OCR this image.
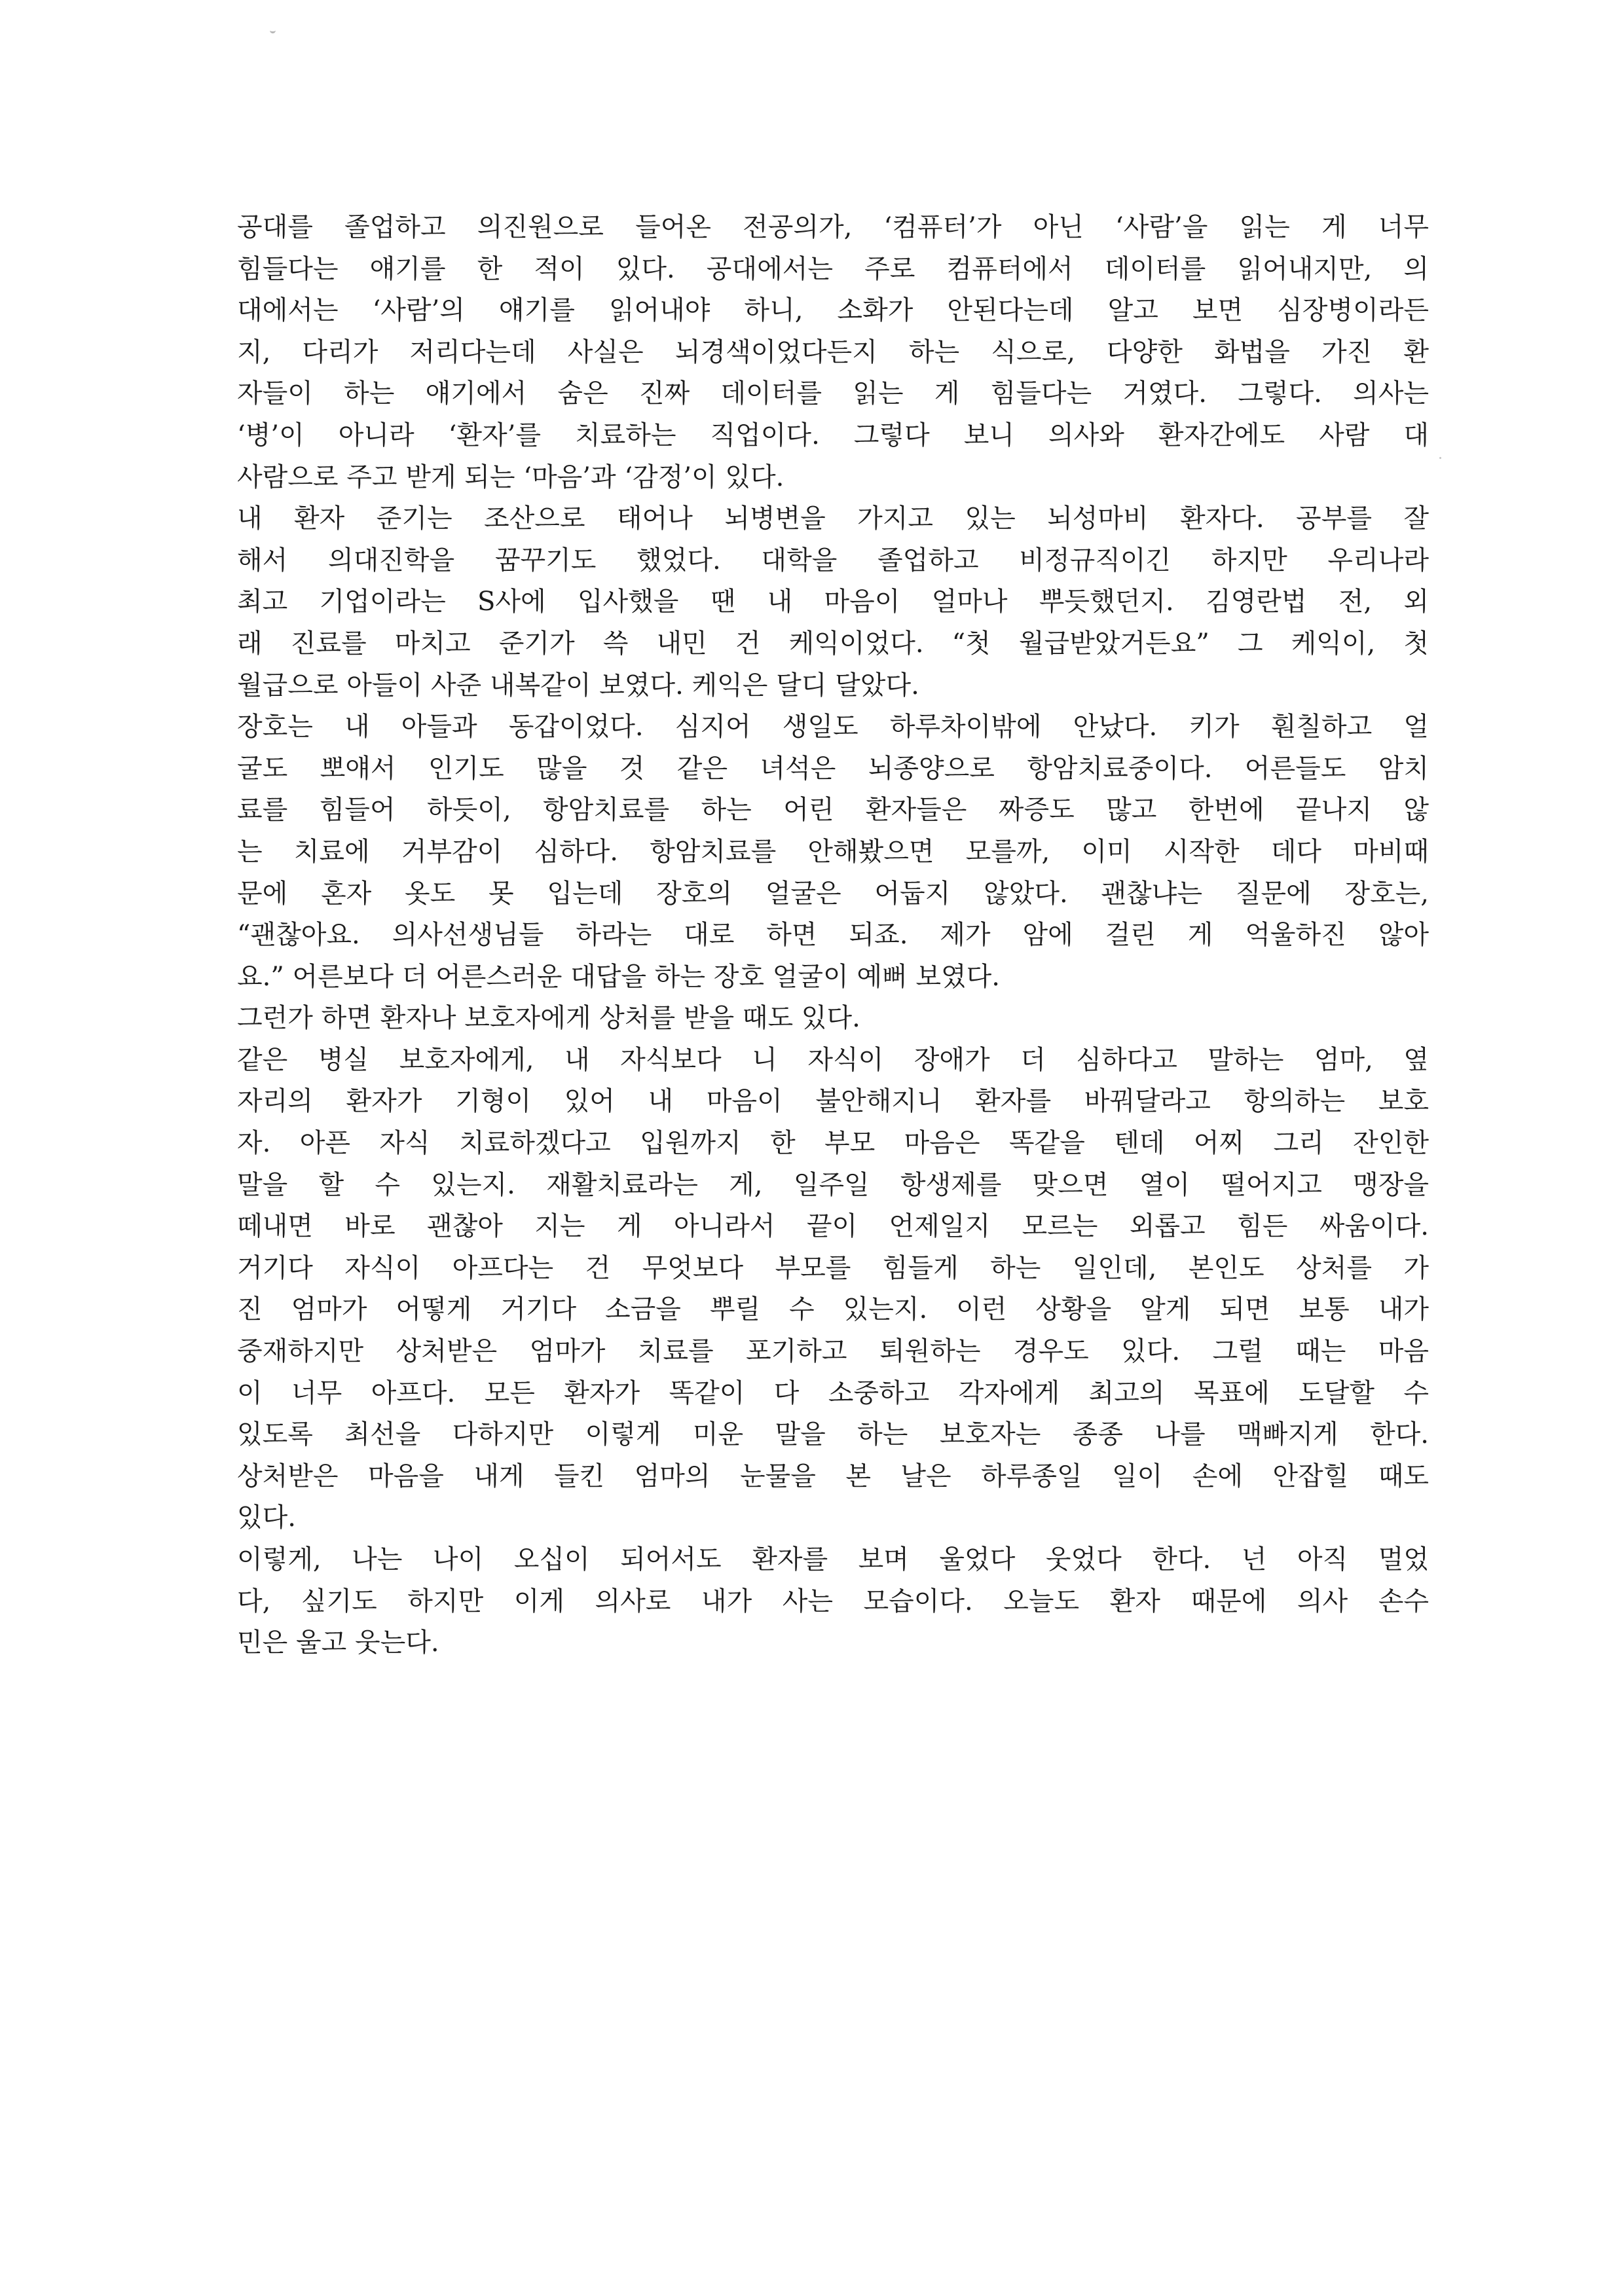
공대를 졸업하고 의진원으로 들어온 전공의가, ‘컴퓨터’가 아닌 ‘사람’을 읽는 게 너무
힘들다는 얘기를 한 적이 있다. 공대에서는 주로 컴퓨터에서 데이터를 읽어내지만, 의
대에서는 ‘사람’의 얘기를 읽어내야 하니, 소화가 안된다는데 알고 보면 심장병이라든
지, 다리가 저리다는데 사실은 뇌경색이었다든지 하는 식으로, 다양한 화법을 가진 환
자들이 하는 얘기에서 숨은 진짜 데이터를 읽는 게 힘들다는 거였다. 그렇다. 의사는
‘병’이 아니라 ‘환자’를 치료하는 직업이다. 그렇다 보니 의사와 환자간에도 사람 대
사람으로 주고 받게 되는 ‘마음’과 ‘감정’이 있다.
내 환자 준기는 조산으로 태어나 뇌병변을 가지고 있는 뇌성마비 환자다. 공부를 잘
해서 의대진학을 꿈꾸기도 했었다. 대학을 졸업하고 비정규직이긴 하지만 우리나라
최고 기업이라는 S사에 입사했을 땐 내 마음이 얼마나 뿌듯했던지. 김영란법 전, 외
래 진료를 마치고 준기가 쓱 내민 건 케익이었다. “첫 월급받았거든요” 그 케익이, 첫
월급으로 아들이 사준 내복같이 보였다. 케익은 달디 달았다.
장호는 내 아들과 동갑이었다. 심지어 생일도 하루차이밖에 안났다. 키가 훤칠하고 얼
굴도 뽀얘서 인기도 많을 것 같은 녀석은 뇌종양으로 항암치료중이다. 어른들도 암치
료를 힘들어 하듯이, 항암치료를 하는 어린 환자들은 짜증도 많고 한번에 끝나지 않
는 치료에 거부감이 심하다. 항암치료를 안해봤으면 모를까, 이미 시작한 데다 마비때
문에 혼자 옷도 못 입는데 장호의 얼굴은 어둡지 않았다. 괜찮냐는 질문에 장호는,
“괜찮아요. 의사선생님들 하라는 대로 하면 되죠. 제가 암에 걸린 게 억울하진 않아
요.” 어른보다 더 어른스러운 대답을 하는 장호 얼굴이 예뻐 보였다.
그런가 하면 환자나 보호자에게 상처를 받을 때도 있다.
같은 병실 보호자에게, 내 자식보다 니 자식이 장애가 더 심하다고 말하는 엄마, 옆
자리의 환자가 기형이 있어 내 마음이 불안해지니 환자를 바꿔달라고 항의하는 보호
자. 아픈 자식 치료하겠다고 입원까지 한 부모 마음은 똑같을 텐데 어찌 그리 잔인한
말을 할 수 있는지. 재활치료라는 게, 일주일 항생제를 맞으면 열이 떨어지고 맹장을
떼내면 바로 괜찮아 지는 게 아니라서 끝이 언제일지 모르는 외롭고 힘든 싸움이다.
거기다 자식이 아프다는 건 무엇보다 부모를 힘들게 하는 일인데, 본인도 상처를 가
진 엄마가 어떻게 거기다 소금을 뿌릴 수 있는지. 이런 상황을 알게 되면 보통 내가
중재하지만 상처받은 엄마가 치료를 포기하고 퇴원하는 경우도 있다. 그럴 때는 마음
이 너무 아프다. 모든 환자가 똑같이 다 소중하고 각자에게 최고의 목표에 도달할 수
있도록 최선을 다하지만 이렇게 미운 말을 하는 보호자는 종종 나를 맥빠지게 한다.
상처받은 마음을 내게 들킨 엄마의 눈물을 본 날은 하루종일 일이 손에 안잡힐 때도
있다.
이렇게, 나는 나이 오십이 되어서도 환자를 보며 울었다 웃었다 한다. 넌 아직 멀었
다, 싶기도 하지만 이게 의사로 내가 사는 모습이다. 오늘도 환자 때문에 의사 손수
민은 울고 웃는다.
